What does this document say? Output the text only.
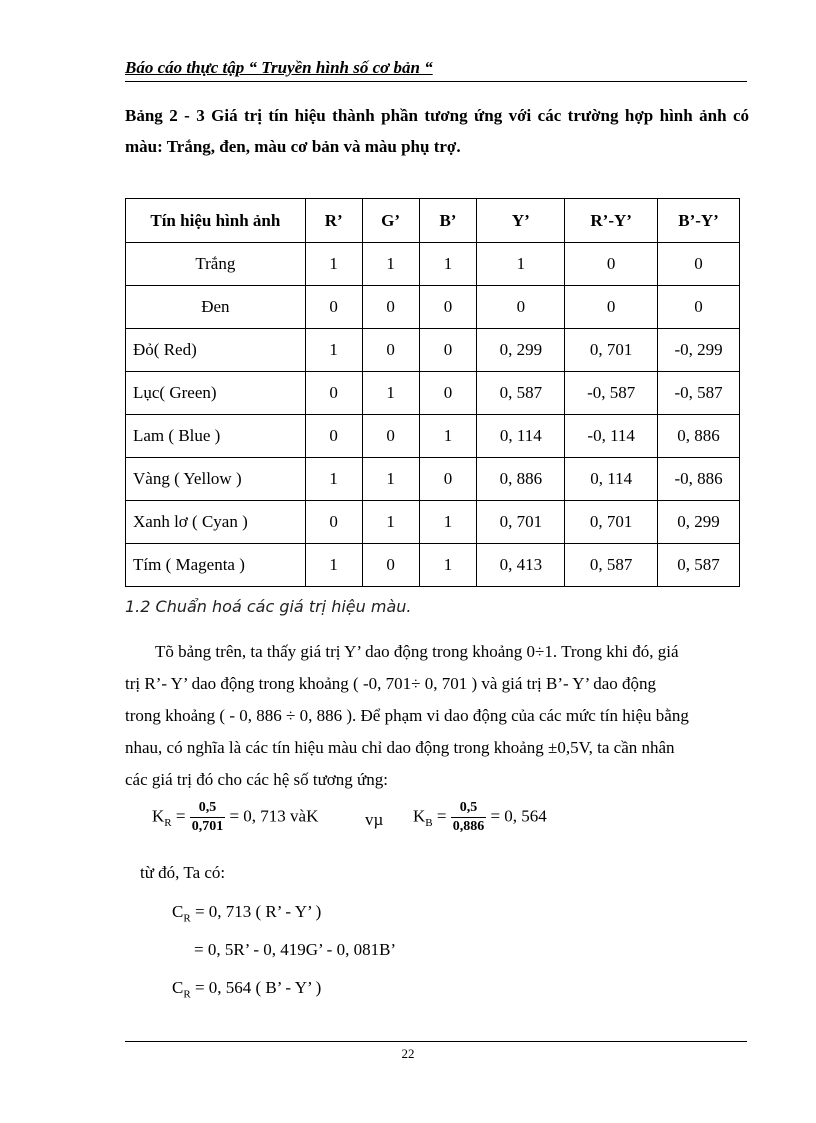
Báo cáo thực tập “ Truyền hình số cơ bản “
Bảng 2 - 3 Giá trị tín hiệu thành phần tương ứng với các trường hợp hình ảnh có màu: Trắng, đen, màu cơ bản và màu phụ trợ.
Tín hiệu hình ảnh	R’	G’	B’	Y’	R’-Y’	B’-Y’
Trắng	1	1	1	1	0	0
Đen	0	0	0	0	0	0
Đỏ( Red)	1	0	0	0, 299	0, 701	-0, 299
Lục( Green)	0	1	0	0, 587	-0, 587	-0, 587
Lam ( Blue )	0	0	1	0, 114	-0, 114	0, 886
Vàng ( Yellow )	1	1	0	0, 886	0, 114	-0, 886
Xanh lơ ( Cyan )	0	1	1	0, 701	0, 701	0, 299
Tím ( Magenta )	1	0	1	0, 413	0, 587	0, 587
1.2 Chuẩn hoá các giá trị hiệu màu.
Tõ bảng trên, ta thấy giá trị Y’ dao động trong khoảng 0÷1. Trong khi đó, giá
trị R’- Y’ dao động trong khoảng ( -0, 701÷ 0, 701 ) và giá trị B’- Y’ dao động
trong khoảng ( - 0, 886 ÷ 0, 886 ). Để phạm vi dao động của các mức tín hiệu bằng
nhau, có nghĩa là các tín hiệu màu chỉ dao động trong khoảng ±0,5V, ta cần nhân
các giá trị đó cho các hệ số tương ứng:
$K_R = \frac{0,5}{0,701} = 0$, 713 vàK	vµ $K_B = \frac{0,5}{0,886} = 0$, 564
từ đó, Ta có:
$C_R = 0$, 713 ( R’ - Y’ )
= 0, 5R’ - 0, 419G’ - 0, 081B’
$C_R = 0$, 564 ( B’ - Y’ )
22
